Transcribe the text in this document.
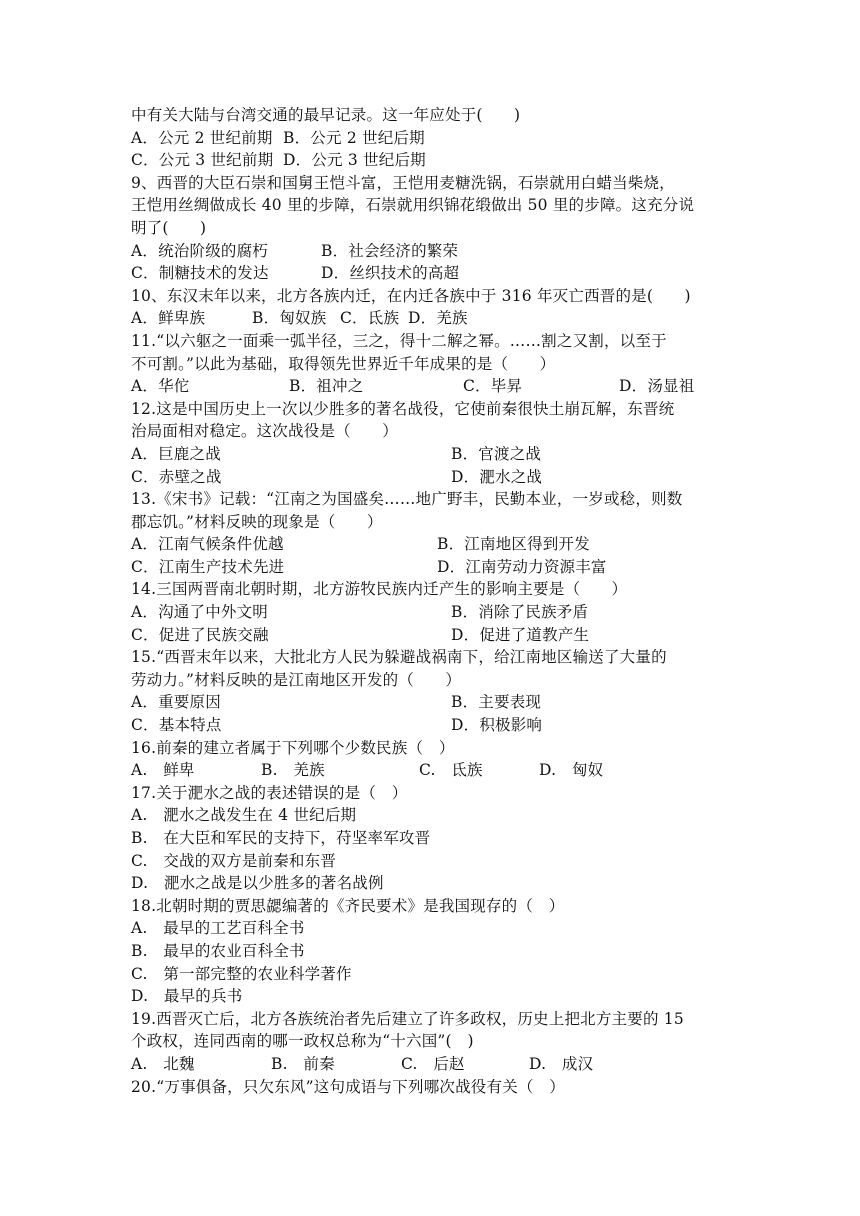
中有关大陆与台湾交通的最早记录。这一年应处于(　　)
A．公元 2 世纪前期 B．公元 2 世纪后期
C．公元 3 世纪前期 D．公元 3 世纪后期
9、西晋的大臣石崇和国舅王恺斗富，王恺用麦糖洗锅，石崇就用白蜡当柴烧，
王恺用丝绸做成长 40 里的步障，石崇就用织锦花缎做出 50 里的步障。这充分说
明了(　　)
A．统治阶级的腐朽	B．社会经济的繁荣
C．制糖技术的发达	D．丝织技术的高超
10、东汉末年以来，北方各族内迁，在内迁各族中于 316 年灭亡西晋的是(　　)
A．鲜卑族	B．匈奴族 C．氐族 D．羌族
11.“以六躯之一面乘一弧半径，三之，得十二解之幂。……割之又割，以至于
不可割。”以此为基础，取得领先世界近千年成果的是（　　）
A．华佗	B．祖冲之	C．毕昇	D．汤显祖
12.这是中国历史上一次以少胜多的著名战役，它使前秦很快土崩瓦解，东晋统
治局面相对稳定。这次战役是（　　）
A．巨鹿之战	B．官渡之战
C．赤壁之战	D．淝水之战
13.《宋书》记载：“江南之为国盛矣……地广野丰，民勤本业，一岁或稔，则数
郡忘饥。”材料反映的现象是（　　）
A．江南气候条件优越	B．江南地区得到开发
C．江南生产技术先进	D．江南劳动力资源丰富
14.三国两晋南北朝时期，北方游牧民族内迁产生的影响主要是（　　）
A．沟通了中外文明	B．消除了民族矛盾
C．促进了民族交融	D．促进了道教产生
15.“西晋末年以来，大批北方人民为躲避战祸南下，给江南地区输送了大量的
劳动力。”材料反映的是江南地区开发的（　　）
A．重要原因	B．主要表现
C．基本特点	D．积极影响
16.前秦的建立者属于下列哪个少数民族（　）
A.　鲜卑	B.　羌族	C.　氐族	D.　匈奴
17.关于淝水之战的表述错误的是（　）
A.　淝水之战发生在 4 世纪后期
B.　在大臣和军民的支持下，苻坚率军攻晋
C.　交战的双方是前秦和东晋
D.　淝水之战是以少胜多的著名战例
18.北朝时期的贾思勰编著的《齐民要术》是我国现存的（　）
A.　最早的工艺百科全书
B.　最早的农业百科全书
C.　第一部完整的农业科学著作
D.　最早的兵书
19.西晋灭亡后，北方各族统治者先后建立了许多政权，历史上把北方主要的 15
个政权，连同西南的哪一政权总称为“十六国”(　)
A.　北魏	B.　前秦	C.　后赵	D.　成汉
20.“万事俱备，只欠东风”这句成语与下列哪次战役有关（　）
